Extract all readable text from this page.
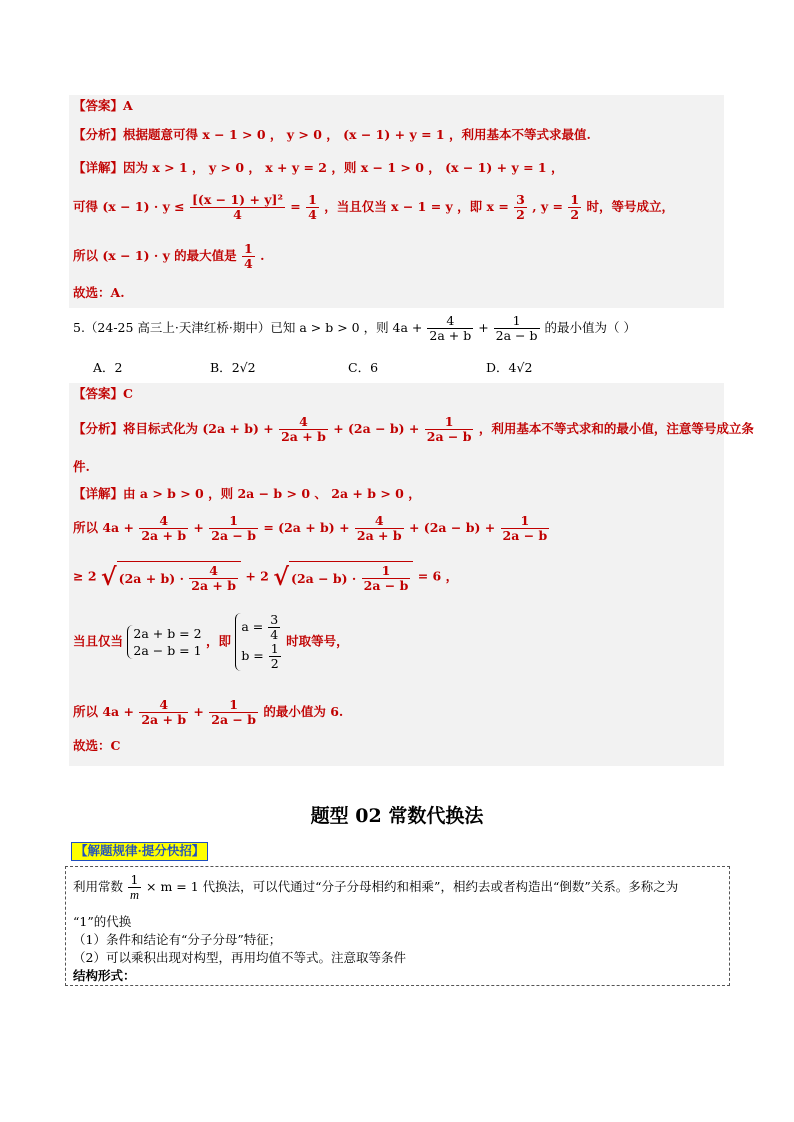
【答案】A
【分析】根据题意可得 x − 1 > 0 ， y > 0 ， (x − 1) + y = 1 ，利用基本不等式求最值.
【详解】因为 x > 1 ， y > 0 ， x + y = 2 ，则 x − 1 > 0 ， (x − 1) + y = 1 ，
可得 $(x - 1) \cdot y \le \frac{\text{[(x − 1) + y]²}}{4} = \frac{1}{4}$ ，当且仅当 x − 1 = y ，即 $x = \frac{3}{2}$ , $y = \frac{1}{2}$ 时，等号成立，
所以 (x − 1) · y 的最大值是 $\frac{1}{4}$ .
故选：A.
5.（24-25 高三上·天津红桥·期中）已知 a > b > 0 ，则 $4a + \frac{4}{2a + b} + \frac{1}{2a - b}$ 的最小值为（ ）
A．2	B．2√2	C．6	D．4√2
【答案】C
【分析】将目标式化为 $(2a + b) + \frac{4}{2a + b} + (2a - b) + \frac{1}{2a - b}$ ，利用基本不等式求和的最小值，注意等号成立条
件.
【详解】由 a > b > 0 ，则 2a − b > 0 、 2a + b > 0 ，
所以 $4a + \frac{4}{2a + b} + \frac{1}{2a - b} = (2a + b) + \frac{4}{2a + b} + (2a - b) + \frac{1}{2a - b}$
≥ 2 √ (2a + b) ·
$\frac{4}{2a + b} + 2$ √ (2a − b) ·
$\frac{1}{2a - b} = 6$ ，
当且仅当 2a + b = 2
2a − b = 1
，即
$a = \frac{3}{4}$
$b = \frac{1}{2}$
时取等号，
所以 $4a + \frac{4}{2a + b} + \frac{1}{2a - b}$ 的最小值为 6.
故选：C
题型 02 常数代换法
【解题规律·提分快招】
利用常数 $\frac{1}{m} \times m = 1$ 代换法，可以代通过“分子分母相约和相乘”，相约去或者构造出“倒数”关系。多称之为
“1”的代换
（1）条件和结论有“分子分母”特征；
（2）可以乘积出现对构型，再用均值不等式。注意取等条件
结构形式：
